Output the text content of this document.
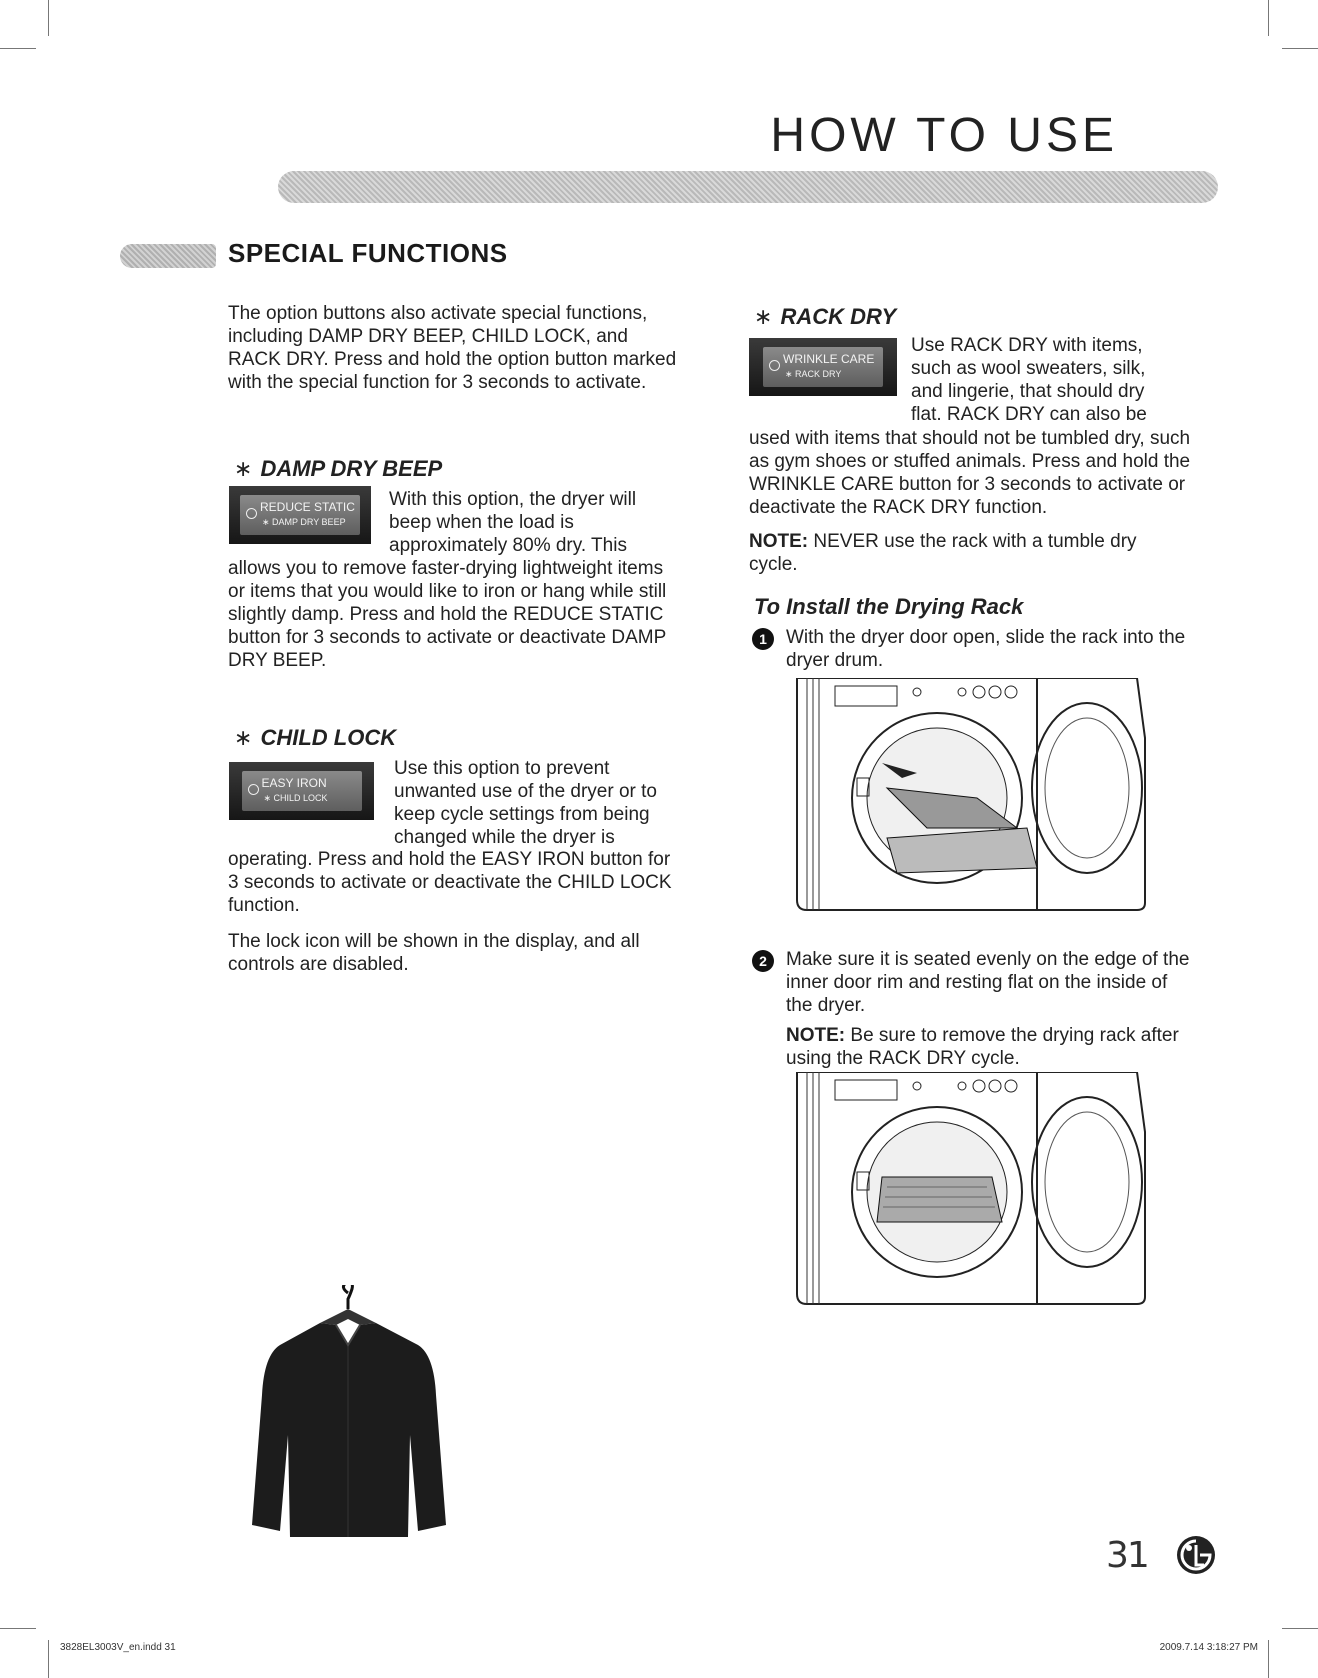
HOW TO USE
SPECIAL FUNCTIONS
The option buttons also activate special functions, including DAMP DRY BEEP, CHILD LOCK, and RACK DRY. Press and hold the option button marked with the special function for 3 seconds to activate.
∗ DAMP DRY BEEP
REDUCE STATIC
∗ DAMP DRY BEEP
With this option, the dryer will beep when the load is approximately 80% dry. This
allows you to remove faster-drying lightweight items or items that you would like to iron or hang while still slightly damp. Press and hold the REDUCE STATIC button for 3 seconds to activate or deactivate DAMP DRY BEEP.
∗ CHILD LOCK
EASY IRON
∗ CHILD LOCK
Use this option to prevent unwanted use of the dryer or to keep cycle settings from being changed while the dryer is
operating. Press and hold the EASY IRON button for 3 seconds to activate or deactivate the CHILD LOCK function.
The lock icon will be shown in the display, and all controls are disabled.
∗ RACK DRY
WRINKLE CARE
∗ RACK DRY
Use RACK DRY with items, such as wool sweaters, silk, and lingerie, that should dry flat. RACK DRY can also be
used with items that should not be tumbled dry, such as gym shoes or stuffed animals. Press and hold the WRINKLE CARE button for 3 seconds to activate or deactivate the RACK DRY function.
NOTE: NEVER use the rack with a tumble dry cycle.
To Install the Drying Rack
1	With the dryer door open, slide the rack into the dryer drum.
2	Make sure it is seated evenly on the edge of the inner door rim and resting flat on the inside of the dryer.
NOTE: Be sure to remove the drying rack after using the RACK DRY cycle.
31
3828EL3003V_en.indd 31	2009.7.14 3:18:27 PM
